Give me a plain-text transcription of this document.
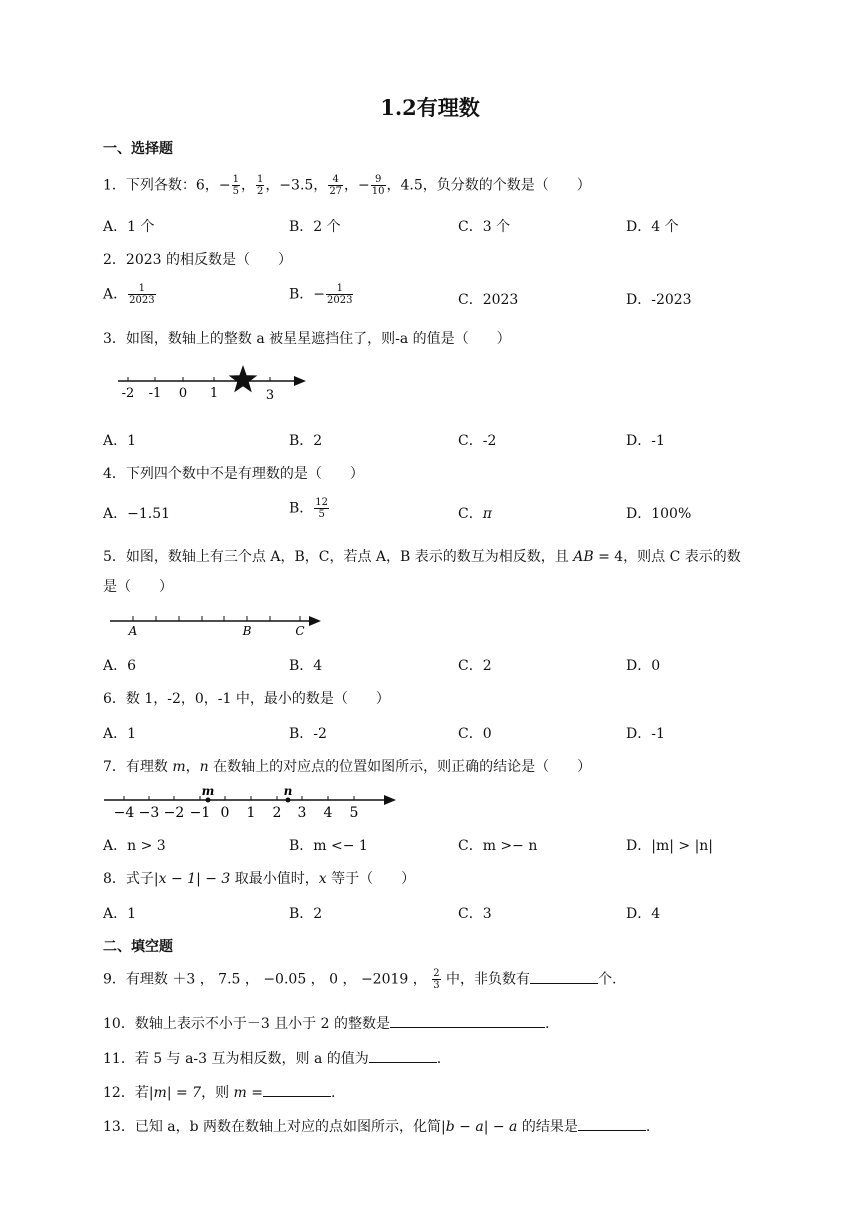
1.2有理数
一、选择题
1．下列各数：6，− $\frac{1}{5}$ ， $\frac{1}{2}$ ，−3.5， $\frac{4}{27}$ ，− $\frac{9}{10}$ ，4.5，负分数的个数是（　　）
A．1 个	B．2 个	C．3 个	D．4 个
2．2023 的相反数是（　　）
A． $\frac{1}{2023}$	B．− $\frac{1}{2023}$	C．2023	D．-2023
3．如图，数轴上的整数 a 被星星遮挡住了，则-a 的值是（　　）
-2 -1 0 1	3
A．1	B．2	C．-2	D．-1
4．下列四个数中不是有理数的是（　　）
A．−1.51	B． $\frac{12}{5}$	C．π	D．100%
5．如图，数轴上有三个点 A，B，C，若点 A，B 表示的数互为相反数，且 AB = 4，则点 C 表示的数
是（　　）
A	B	C
A．6	B．4	C．2	D．0
6．数 1，-2，0，-1 中，最小的数是（　　）
A．1	B．-2	C．0	D．-1
7．有理数 m，n 在数轴上的对应点的位置如图所示，则正确的结论是（　　）
m	n
−4 −3 −2 −1 0 1 2 3 4 5
A．n > 3	B．m <− 1	C．m >− n	D．|m| > |n|
8．式子|x − 1| − 3 取最小值时，x 等于（　　）
A．1	B．2	C．3	D．4
二、填空题
9．有理数 ＋3 ， 7.5 ， −0.05 ， 0 ， −2019 ， $\frac{2}{3}$ 中，非负数有	个.
10．数轴上表示不小于－3 且小于 2 的整数是	.
11．若 5 与 a-3 互为相反数，则 a 的值为	.
12．若|m| = 7，则 m =	.
13．已知 a，b 两数在数轴上对应的点如图所示，化简|b − a| − a 的结果是	.
